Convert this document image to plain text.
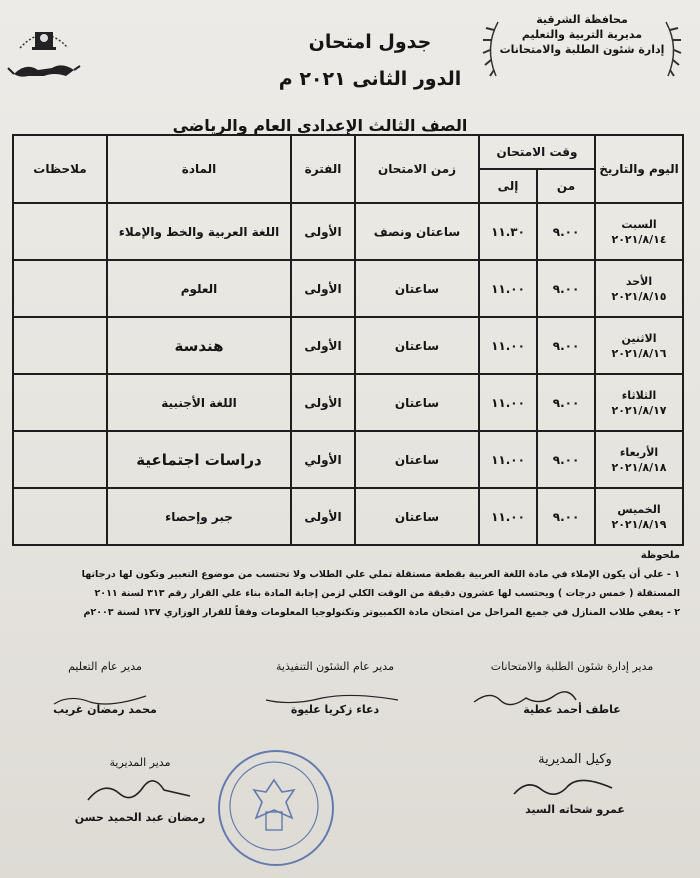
محافظة الشرقية
مديرية التربية والتعليم
إدارة شئون الطلبة والامتحانات
جدول امتحان
الدور الثانى ٢٠٢١ م
الصف الثالث الإعدادي العام والرياضي
اليوم والتاريخ	وقت الامتحان		زمن الامتحان	الفترة	المادة	ملاحظات
	من	إلى				

السبت
٢٠٢١/٨/١٤	٩.٠٠	١١.٣٠	ساعتان ونصف	الأولى	اللغة العربية والخط والإملاء	

الأحد
٢٠٢١/٨/١٥	٩.٠٠	١١.٠٠	ساعتان	الأولى	العلوم	

الاثنين
٢٠٢١/٨/١٦	٩.٠٠	١١.٠٠	ساعتان	الأولى	هندسة	

الثلاثاء
٢٠٢١/٨/١٧	٩.٠٠	١١.٠٠	ساعتان	الأولى	اللغة الأجنبية	

الأربعاء
٢٠٢١/٨/١٨	٩.٠٠	١١.٠٠	ساعتان	الأولي	دراسات اجتماعية	

الخميس
٢٠٢١/٨/١٩	٩.٠٠	١١.٠٠	ساعتان	الأولى	جبر وإحصاء	
ملحوظة
١ - علي أن يكون الإملاء في مادة اللغة العربية بقطعة مستقلة تملي علي الطلاب ولا تحتسب من موضوع التعبير وتكون لها درجاتها
المستقلة ( خمس درجات ) ويحتسب لها عشرون دقيقة من الوقت الكلي لزمن إجابة المادة بناء علي القرار رقم ٣١٣ لسنة ٢٠١١
٢ - يعفي طلاب المنازل في جميع المراحل من امتحان مادة الكمبيوتر وتكنولوجيا المعلومات وفقاً للقرار الوزاري ١٣٧ لسنة ٢٠٠٣م
مدير إدارة شئون الطلبة والامتحانات
عاطف أحمد عطية
مدير عام الشئون التنفيذية
دعاء زكريا عليوة
مدير عام التعليم
محمد رمضان غريب
وكيل المديرية
عمرو شحاته السيد
مدير المديرية
رمضان عبد الحميد حسن
